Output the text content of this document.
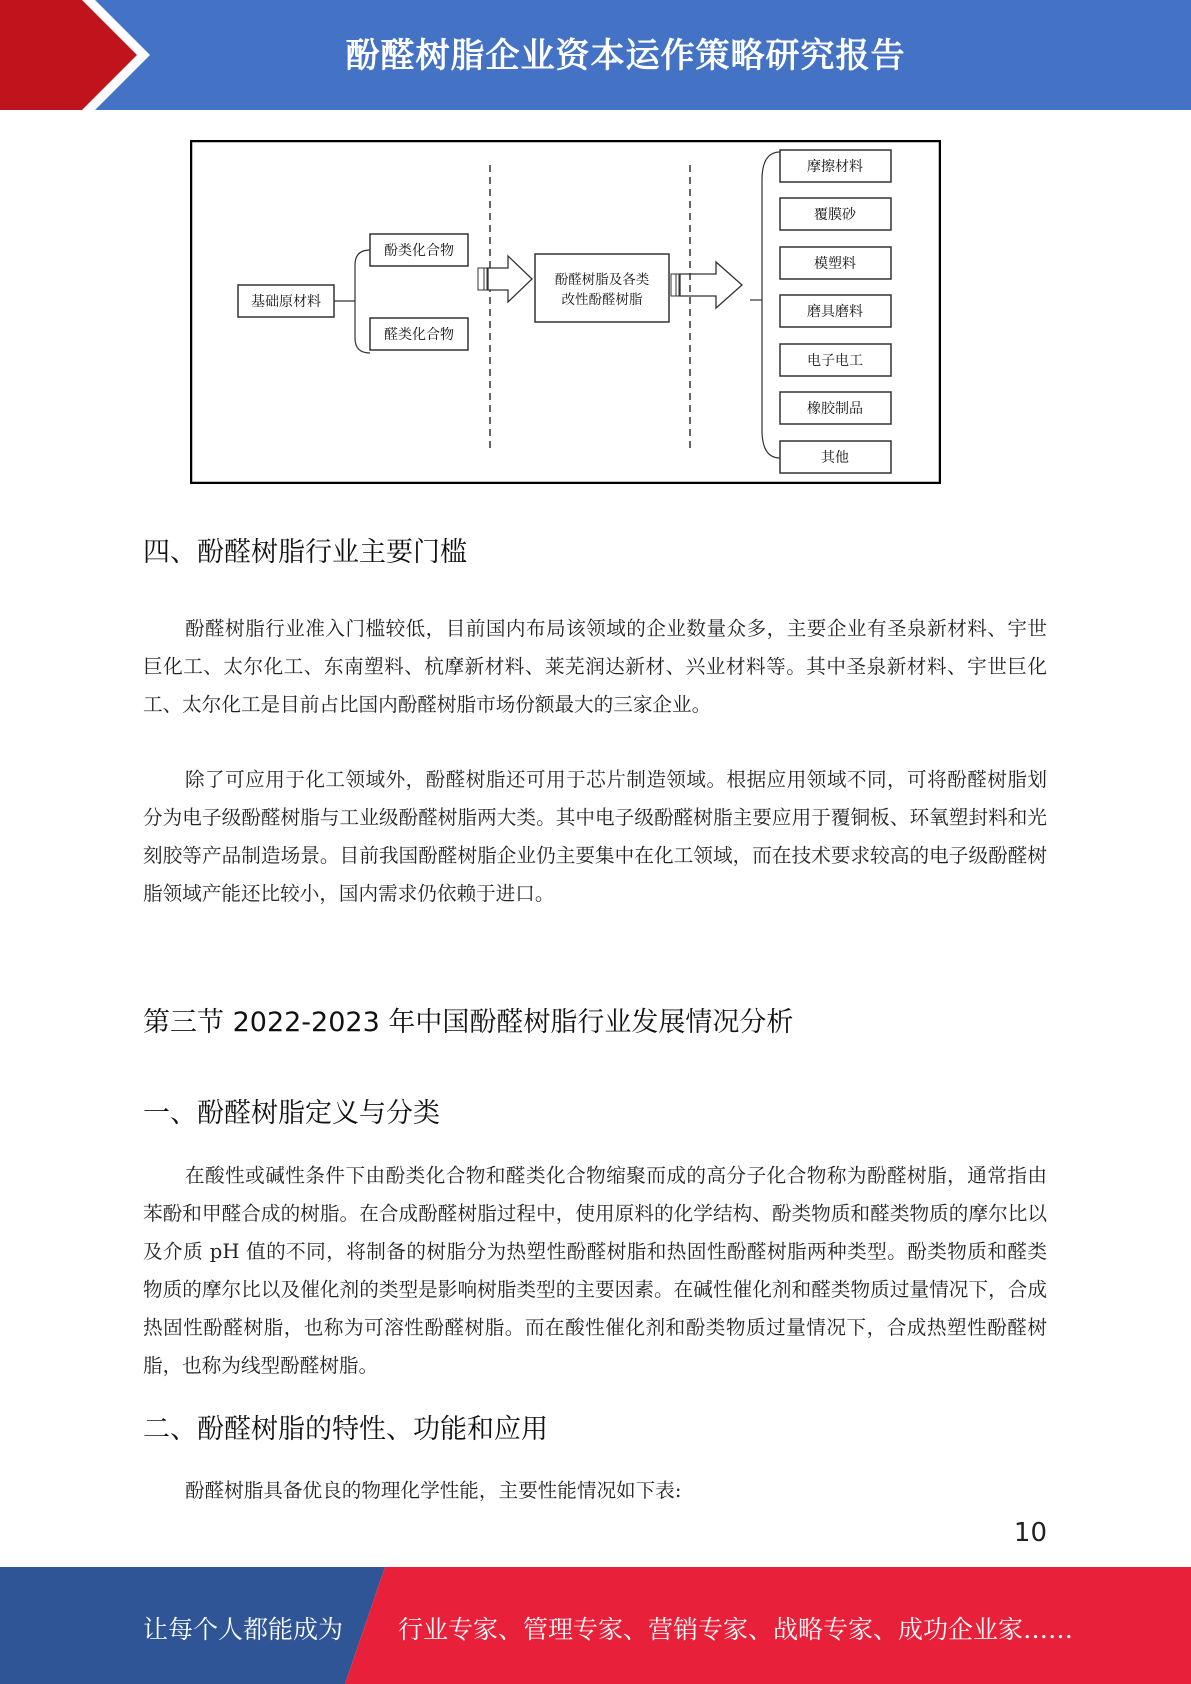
酚醛树脂企业资本运作策略研究报告
基础原材料
酚类化合物
醛类化合物
酚醛树脂及各类
改性酚醛树脂
摩擦材料
覆膜砂
模塑料
磨具磨料
电子电工
橡胶制品
其他
四、酚醛树脂行业主要门槛
酚醛树脂行业准入门槛较低，目前国内布局该领域的企业数量众多，主要企业有圣泉新材料、宇世巨化工、太尔化工、东南塑料、杭摩新材料、莱芜润达新材、兴业材料等。其中圣泉新材料、宇世巨化工、太尔化工是目前占比国内酚醛树脂市场份额最大的三家企业。
除了可应用于化工领域外，酚醛树脂还可用于芯片制造领域。根据应用领域不同，可将酚醛树脂划分为电子级酚醛树脂与工业级酚醛树脂两大类。其中电子级酚醛树脂主要应用于覆铜板、环氧塑封料和光刻胶等产品制造场景。目前我国酚醛树脂企业仍主要集中在化工领域，而在技术要求较高的电子级酚醛树脂领域产能还比较小，国内需求仍依赖于进口。
第三节 2022-2023 年中国酚醛树脂行业发展情况分析
一、酚醛树脂定义与分类
在酸性或碱性条件下由酚类化合物和醛类化合物缩聚而成的高分子化合物称为酚醛树脂，通常指由苯酚和甲醛合成的树脂。在合成酚醛树脂过程中，使用原料的化学结构、酚类物质和醛类物质的摩尔比以及介质 pH 值的不同，将制备的树脂分为热塑性酚醛树脂和热固性酚醛树脂两种类型。酚类物质和醛类物质的摩尔比以及催化剂的类型是影响树脂类型的主要因素。在碱性催化剂和醛类物质过量情况下，合成热固性酚醛树脂，也称为可溶性酚醛树脂。而在酸性催化剂和酚类物质过量情况下，合成热塑性酚醛树脂，也称为线型酚醛树脂。
二、酚醛树脂的特性、功能和应用
酚醛树脂具备优良的物理化学性能，主要性能情况如下表:
10
让每个人都能成为 行业专家、管理专家、营销专家、战略专家、成功企业家……
